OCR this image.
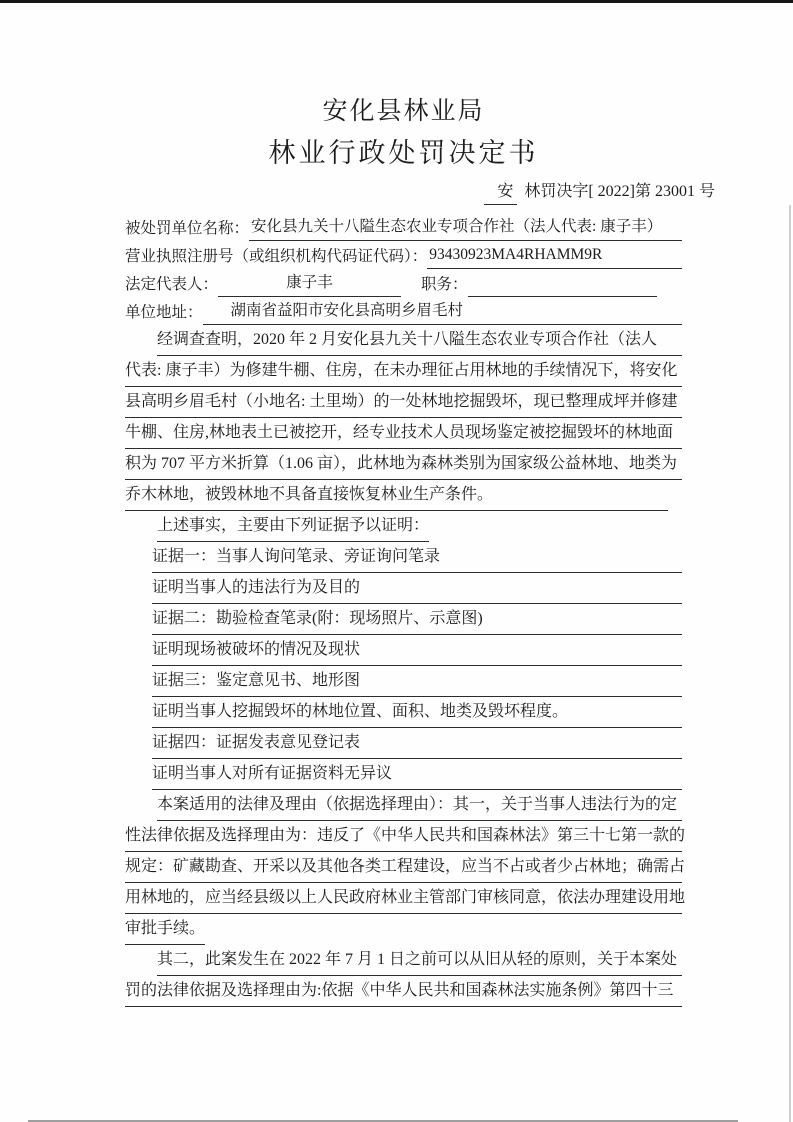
安化县林业局
林业行政处罚决定书
安 林罚决字[ 2022]第 23001 号
被处罚单位名称： 安化县九关十八隘生态农业专项合作社（法人代表: 康子丰）
营业执照注册号（或组织机构代码证代码）： 93430923MA4RHAMM9R
法定代表人：	康子丰	职务：
单位地址：	湖南省益阳市安化县高明乡眉毛村
经调查查明，2020 年 2 月安化县九关十八隘生态农业专项合作社（法人
代表: 康子丰）为修建牛棚、住房，在未办理征占用林地的手续情况下，将安化
县高明乡眉毛村（小地名: 土里坳）的一处林地挖掘毁坏，现已整理成坪并修建
牛棚、住房,林地表土已被挖开，经专业技术人员现场鉴定被挖掘毁坏的林地面
积为 707 平方米折算（1.06 亩），此林地为森林类别为国家级公益林地、地类为
乔木林地，被毁林地不具备直接恢复林业生产条件。
上述事实，主要由下列证据予以证明：
证据一：当事人询问笔录、旁证询问笔录
证明当事人的违法行为及目的
证据二：勘验检查笔录(附：现场照片、示意图)
证明现场被破坏的情况及现状
证据三：鉴定意见书、地形图
证明当事人挖掘毁坏的林地位置、面积、地类及毁坏程度。
证据四：证据发表意见登记表
证明当事人对所有证据资料无异议
本案适用的法律及理由（依据选择理由）：其一，关于当事人违法行为的定
性法律依据及选择理由为：违反了《中华人民共和国森林法》第三十七第一款的
规定：矿藏勘查、开采以及其他各类工程建设，应当不占或者少占林地；确需占
用林地的，应当经县级以上人民政府林业主管部门审核同意，依法办理建设用地
审批手续。
其二，此案发生在 2022 年 7 月 1 日之前可以从旧从轻的原则，关于本案处
罚的法律依据及选择理由为:依据《中华人民共和国森林法实施条例》第四十三
